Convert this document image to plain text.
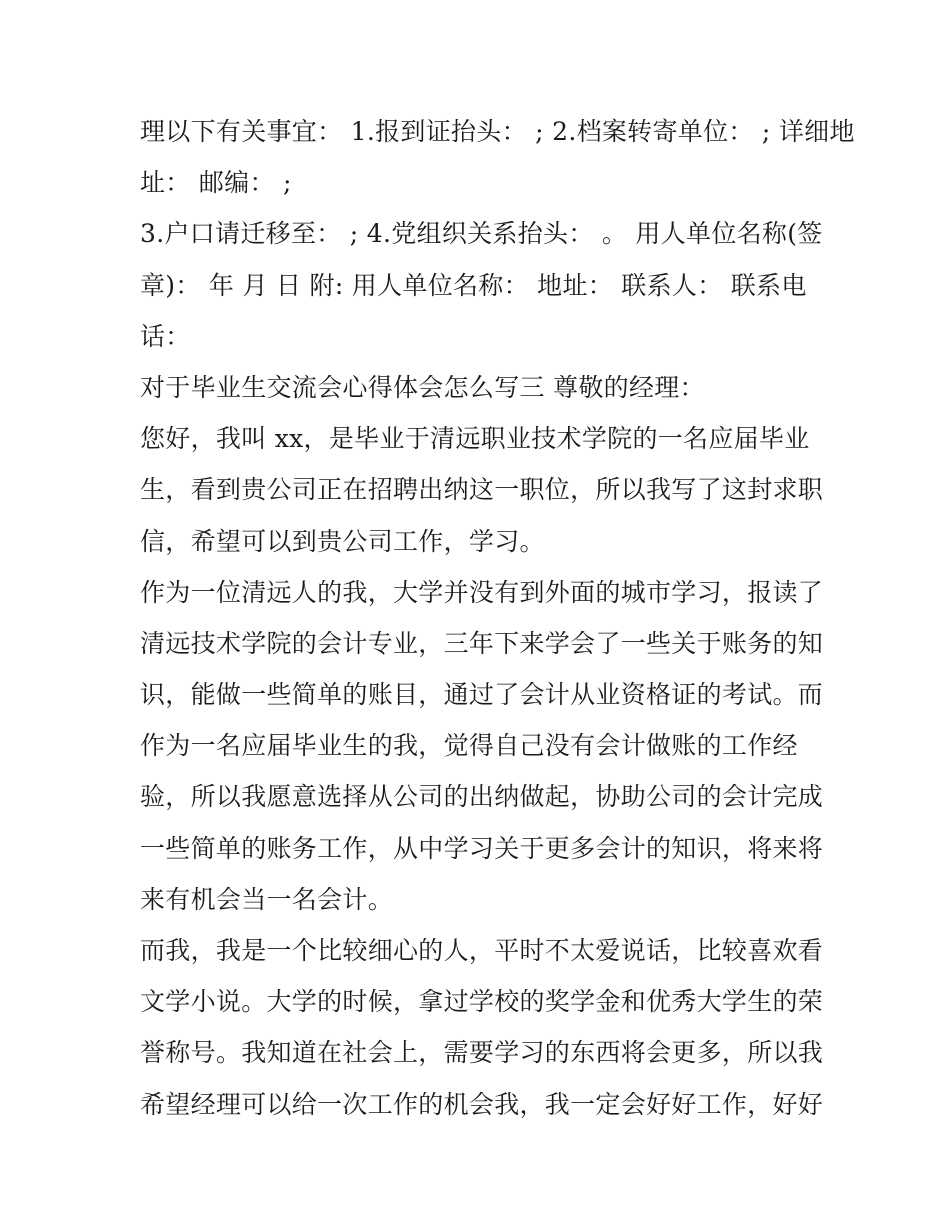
理以下有关事宜： 1.报到证抬头： ; 2.档案转寄单位： ; 详细地
址： 邮编： ;
3.户口请迁移至： ; 4.党组织关系抬头： 。 用人单位名称(签
章)： 年 月 日 附: 用人单位名称： 地址： 联系人： 联系电
话：
对于毕业生交流会心得体会怎么写三 尊敬的经理：
您好，我叫 xx，是毕业于清远职业技术学院的一名应届毕业
生，看到贵公司正在招聘出纳这一职位，所以我写了这封求职
信，希望可以到贵公司工作，学习。
作为一位清远人的我，大学并没有到外面的城市学习，报读了
清远技术学院的会计专业，三年下来学会了一些关于账务的知
识，能做一些简单的账目，通过了会计从业资格证的考试。而
作为一名应届毕业生的我，觉得自己没有会计做账的工作经
验，所以我愿意选择从公司的出纳做起，协助公司的会计完成
一些简单的账务工作，从中学习关于更多会计的知识，将来将
来有机会当一名会计。
而我，我是一个比较细心的人，平时不太爱说话，比较喜欢看
文学小说。大学的时候，拿过学校的奖学金和优秀大学生的荣
誉称号。我知道在社会上，需要学习的东西将会更多，所以我
希望经理可以给一次工作的机会我，我一定会好好工作，好好
